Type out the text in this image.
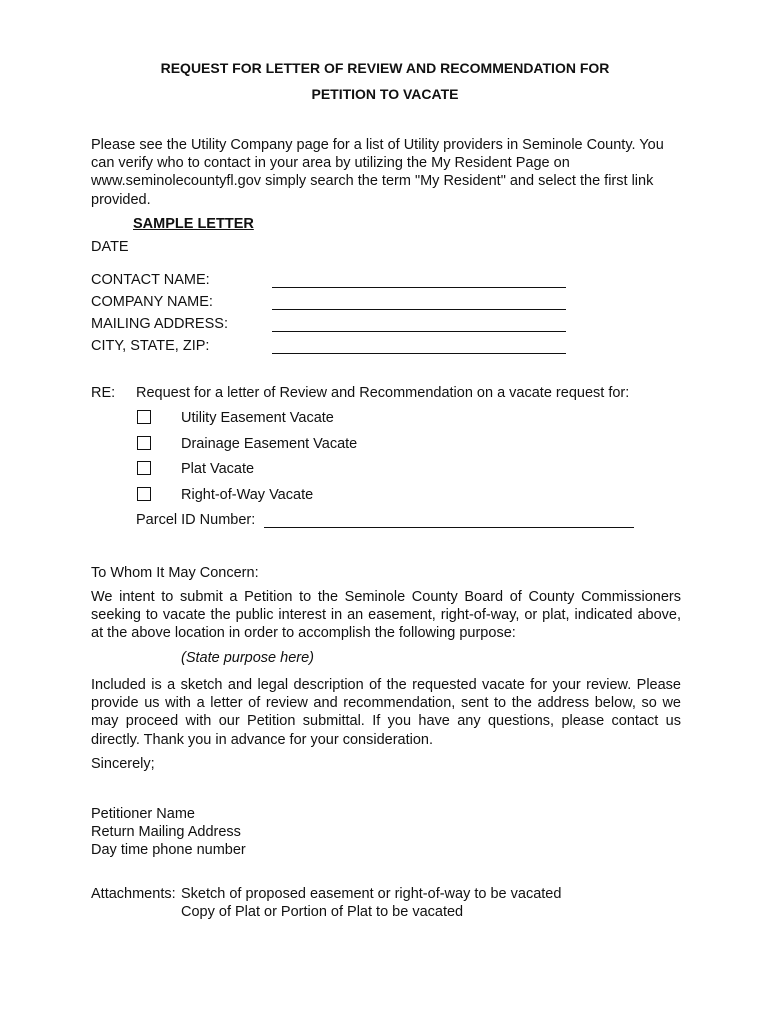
REQUEST FOR LETTER OF REVIEW AND RECOMMENDATION FOR
PETITION TO VACATE
Please see the Utility Company page for a list of Utility providers in Seminole County. You can verify who to contact in your area by utilizing the My Resident Page on www.seminolecountyfl.gov simply search the term "My Resident" and select the first link provided.
SAMPLE LETTER
DATE
CONTACT NAME:
COMPANY NAME:
MAILING ADDRESS:
CITY, STATE, ZIP:
RE: Request for a letter of Review and Recommendation on a vacate request for:
Utility Easement Vacate
Drainage Easement Vacate
Plat Vacate
Right-of-Way Vacate
Parcel ID Number:
To Whom It May Concern:
We intent to submit a Petition to the Seminole County Board of County Commissioners seeking to vacate the public interest in an easement, right-of-way, or plat, indicated above, at the above location in order to accomplish the following purpose:
(State purpose here)
Included is a sketch and legal description of the requested vacate for your review. Please provide us with a letter of review and recommendation, sent to the address below, so we may proceed with our Petition submittal. If you have any questions, please contact us directly. Thank you in advance for your consideration.
Sincerely;
Petitioner Name
Return Mailing Address
Day time phone number
Attachments: Sketch of proposed easement or right-of-way to be vacated
Copy of Plat or Portion of Plat to be vacated
